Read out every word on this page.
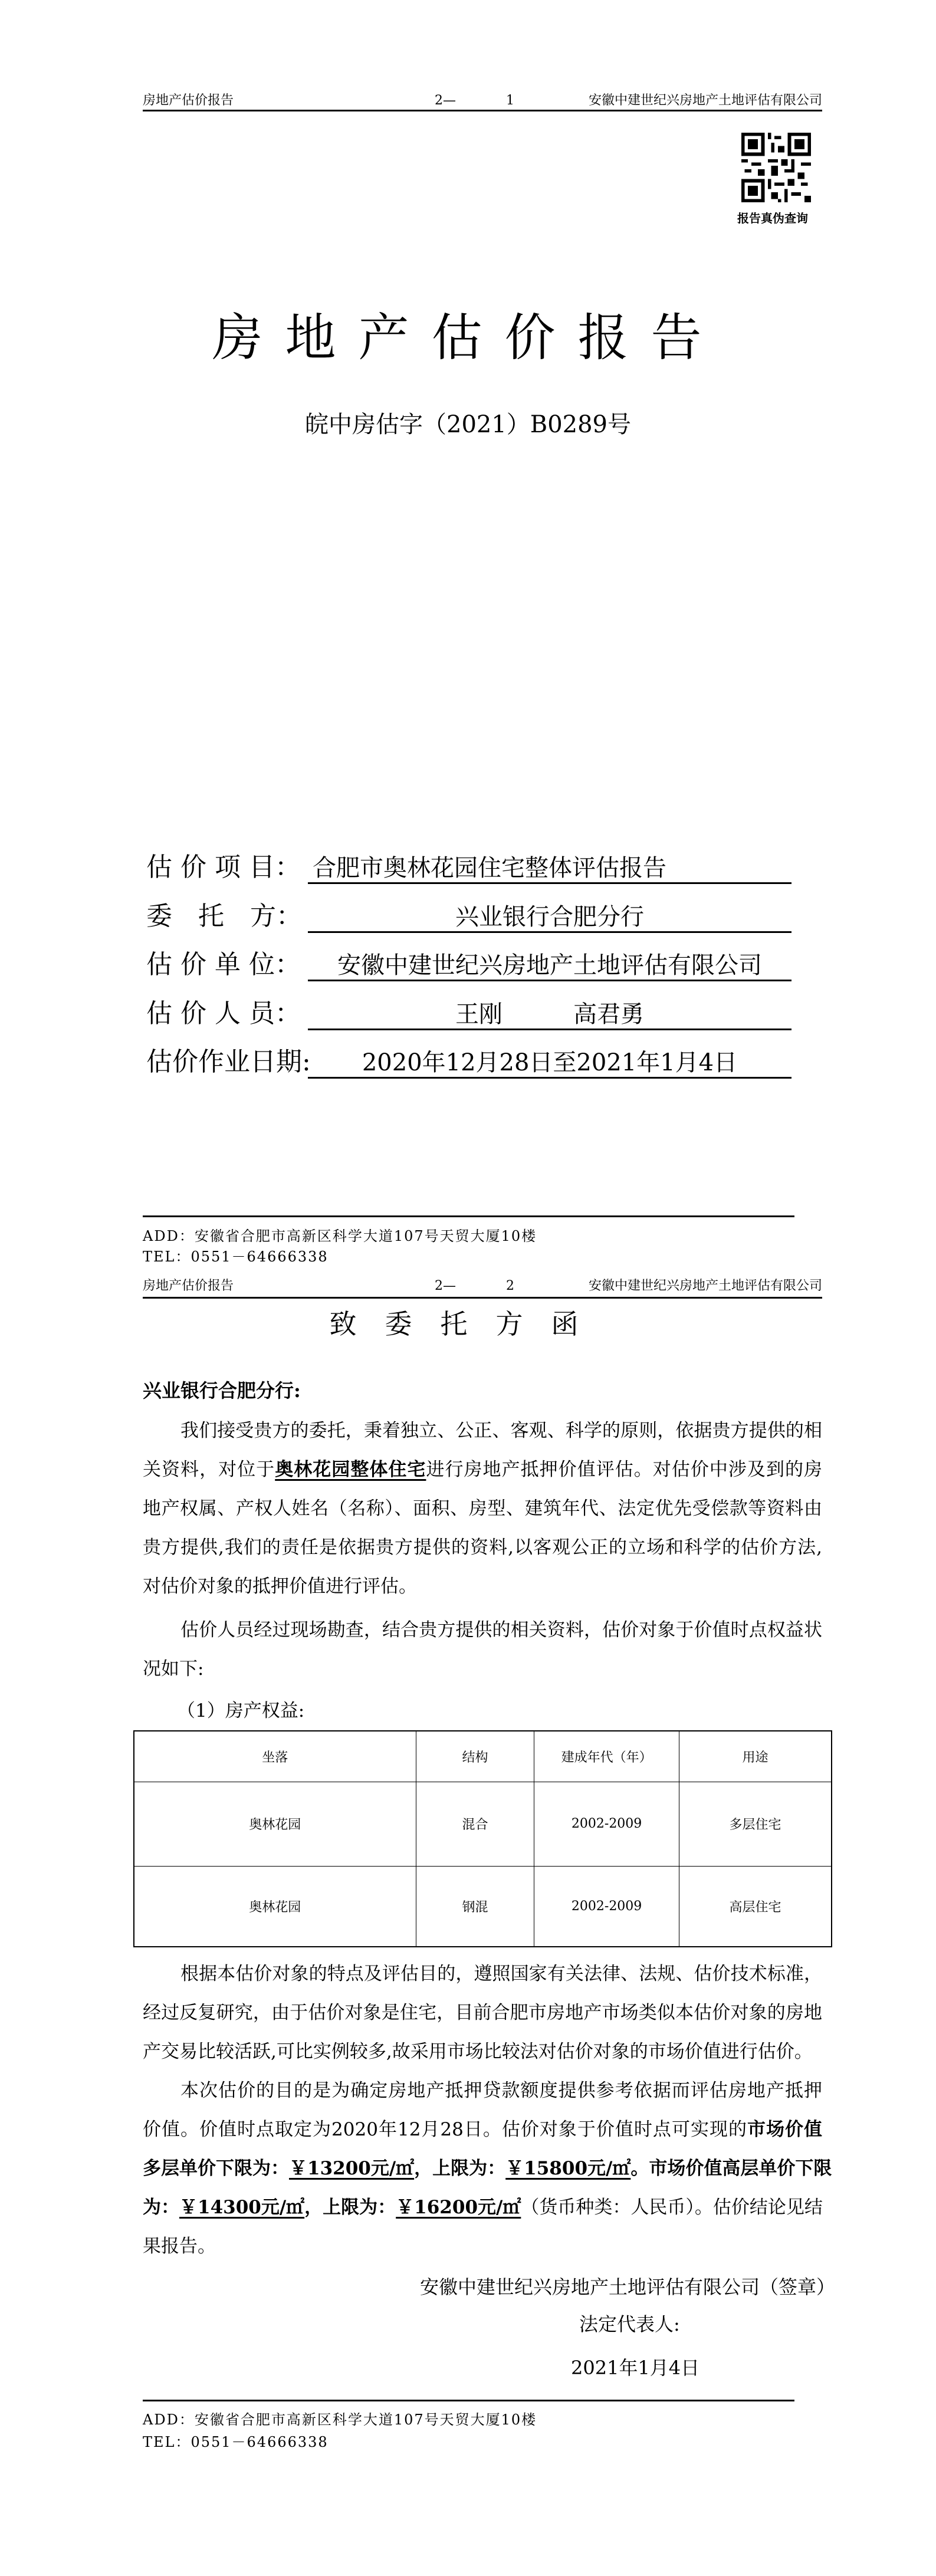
房地产估价报告	2—	1	安徽中建世纪兴房地产土地评估有限公司
报告真伪查询
房地产估价报告
皖中房估字（2021）B0289号
估 价 项 目： 合肥市奥林花园住宅整体评估报告
委　托　方：	兴业银行合肥分行
估 价 单 位：	安徽中建世纪兴房地产土地评估有限公司
估 价 人 员：	王刚　　　高君勇
估价作业日期:	2020年12月28日至2021年1月4日
ADD：安徽省合肥市高新区科学大道107号天贸大厦10楼
TEL：0551－64666338
房地产估价报告	2—	2	安徽中建世纪兴房地产土地评估有限公司
致委托方函
兴业银行合肥分行:
我们接受贵方的委托，秉着独立、公正、客观、科学的原则，依据贵方提供的相
关资料，对位于奥林花园整体住宅进行房地产抵押价值评估。对估价中涉及到的房
地产权属、产权人姓名（名称）、面积、房型、建筑年代、法定优先受偿款等资料由
贵方提供,我们的责任是依据贵方提供的资料,以客观公正的立场和科学的估价方法,
对估价对象的抵押价值进行评估。
估价人员经过现场勘查，结合贵方提供的相关资料，估价对象于价值时点权益状
况如下:
（1）房产权益:
坐落	结构	建成年代（年）	用途
奥林花园	混合	2002-2009	多层住宅
奥林花园	钢混	2002-2009	高层住宅
根据本估价对象的特点及评估目的，遵照国家有关法律、法规、估价技术标准，
经过反复研究，由于估价对象是住宅，目前合肥市房地产市场类似本估价对象的房地
产交易比较活跃,可比实例较多,故采用市场比较法对估价对象的市场价值进行估价。
本次估价的目的是为确定房地产抵押贷款额度提供参考依据而评估房地产抵押
价值。价值时点取定为2020年12月28日。估价对象于价值时点可实现的市场价值
多层单价下限为：￥13200元/㎡，上限为：￥15800元/㎡。市场价值高层单价下限
为：￥14300元/㎡，上限为：￥16200元/㎡（货币种类：人民币）。估价结论见结
果报告。
安徽中建世纪兴房地产土地评估有限公司（签章）
法定代表人:
2021年1月4日
ADD：安徽省合肥市高新区科学大道107号天贸大厦10楼
TEL：0551－64666338
